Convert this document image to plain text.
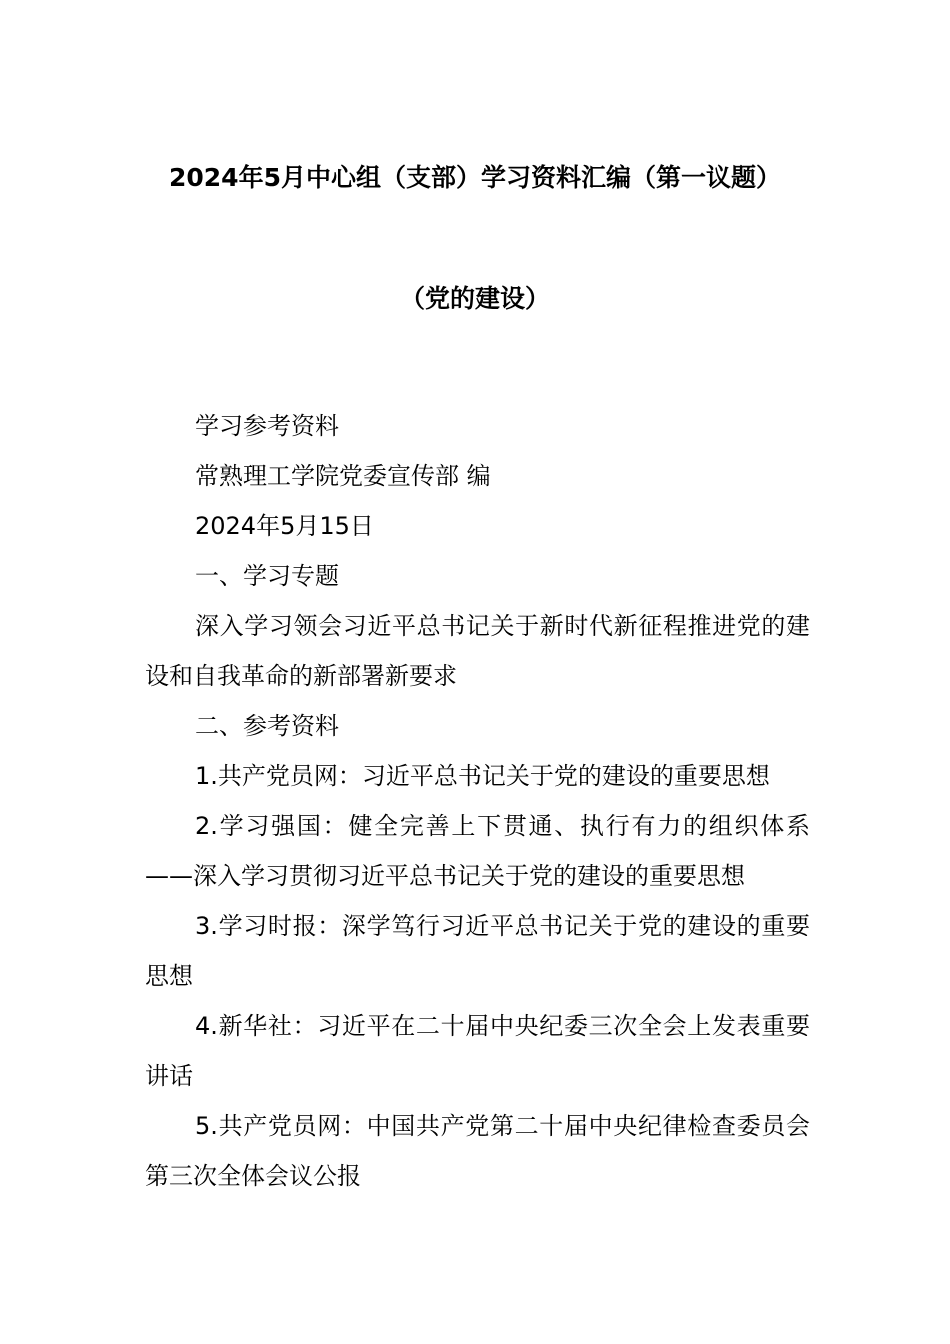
2024年5月中心组（支部）学习资料汇编（第一议题）
（党的建设）

学习参考资料

常熟理工学院党委宣传部 编

2024年5月15日

一、学习专题

深入学习领会习近平总书记关于新时代新征程推进党的建设和自我革命的新部署新要求

二、参考资料

1.共产党员网：习近平总书记关于党的建设的重要思想

2.学习强国：健全完善上下贯通、执行有力的组织体系——深入学习贯彻习近平总书记关于党的建设的重要思想

3.学习时报：深学笃行习近平总书记关于党的建设的重要思想

4.新华社：习近平在二十届中央纪委三次全会上发表重要讲话

5.共产党员网：中国共产党第二十届中央纪律检查委员会第三次全体会议公报
